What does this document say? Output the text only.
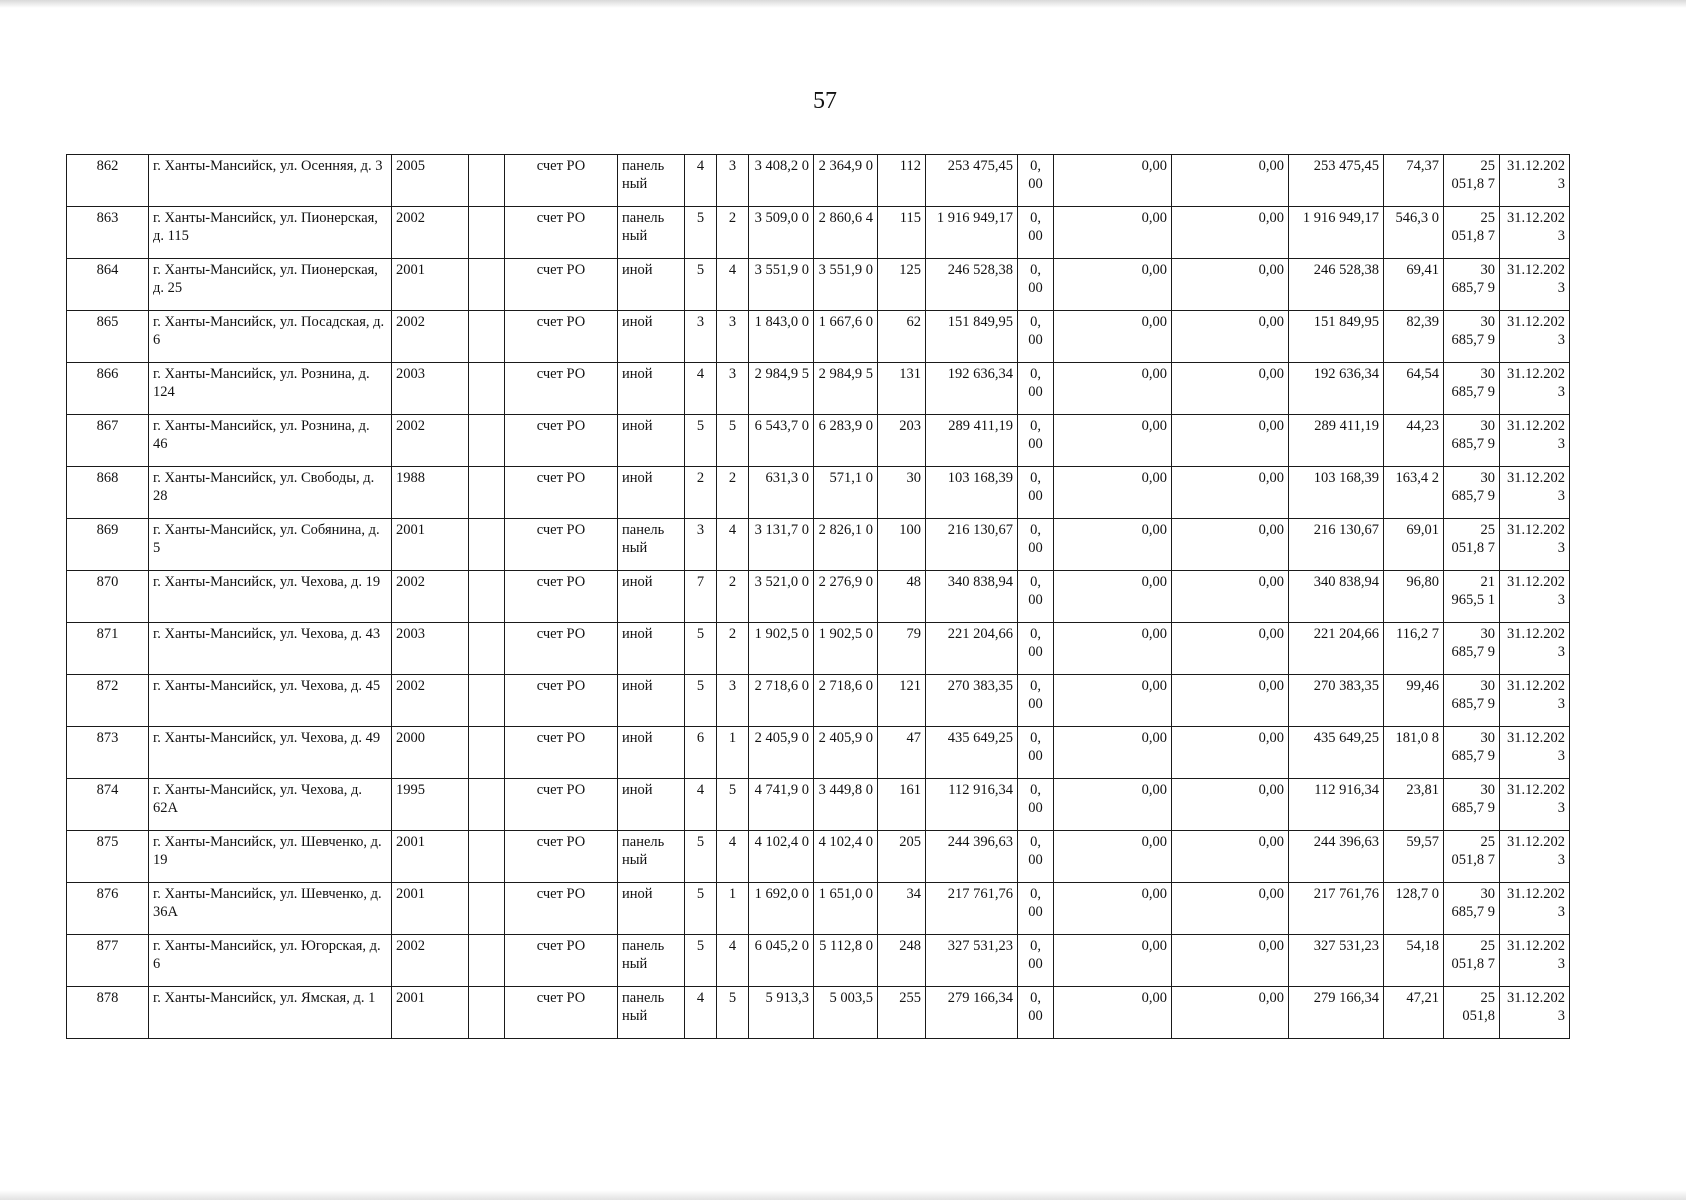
57
862	г. Ханты-Мансийск, ул. Осенняя, д. 3	2005		счет РО	панель ный	4	3	3 408,2 0	2 364,9 0	112	253 475,45	0, 00	0,00	0,00	253 475,45	74,37	25 051,8 7	31.12.202 3
863	г. Ханты-Мансийск, ул. Пионерская, д. 115	2002		счет РО	панель ный	5	2	3 509,0 0	2 860,6 4	115	1 916 949,17	0, 00	0,00	0,00	1 916 949,17	546,3 0	25 051,8 7	31.12.202 3
864	г. Ханты-Мансийск, ул. Пионерская, д. 25	2001		счет РО	иной	5	4	3 551,9 0	3 551,9 0	125	246 528,38	0, 00	0,00	0,00	246 528,38	69,41	30 685,7 9	31.12.202 3
865	г. Ханты-Мансийск, ул. Посадская, д. 6	2002		счет РО	иной	3	3	1 843,0 0	1 667,6 0	62	151 849,95	0, 00	0,00	0,00	151 849,95	82,39	30 685,7 9	31.12.202 3
866	г. Ханты-Мансийск, ул. Рознина, д. 124	2003		счет РО	иной	4	3	2 984,9 5	2 984,9 5	131	192 636,34	0, 00	0,00	0,00	192 636,34	64,54	30 685,7 9	31.12.202 3
867	г. Ханты-Мансийск, ул. Рознина, д. 46	2002		счет РО	иной	5	5	6 543,7 0	6 283,9 0	203	289 411,19	0, 00	0,00	0,00	289 411,19	44,23	30 685,7 9	31.12.202 3
868	г. Ханты-Мансийск, ул. Свободы, д. 28	1988		счет РО	иной	2	2	631,3 0	571,1 0	30	103 168,39	0, 00	0,00	0,00	103 168,39	163,4 2	30 685,7 9	31.12.202 3
869	г. Ханты-Мансийск, ул. Собянина, д. 5	2001		счет РО	панель ный	3	4	3 131,7 0	2 826,1 0	100	216 130,67	0, 00	0,00	0,00	216 130,67	69,01	25 051,8 7	31.12.202 3
870	г. Ханты-Мансийск, ул. Чехова, д. 19	2002		счет РО	иной	7	2	3 521,0 0	2 276,9 0	48	340 838,94	0, 00	0,00	0,00	340 838,94	96,80	21 965,5 1	31.12.202 3
871	г. Ханты-Мансийск, ул. Чехова, д. 43	2003		счет РО	иной	5	2	1 902,5 0	1 902,5 0	79	221 204,66	0, 00	0,00	0,00	221 204,66	116,2 7	30 685,7 9	31.12.202 3
872	г. Ханты-Мансийск, ул. Чехова, д. 45	2002		счет РО	иной	5	3	2 718,6 0	2 718,6 0	121	270 383,35	0, 00	0,00	0,00	270 383,35	99,46	30 685,7 9	31.12.202 3
873	г. Ханты-Мансийск, ул. Чехова, д. 49	2000		счет РО	иной	6	1	2 405,9 0	2 405,9 0	47	435 649,25	0, 00	0,00	0,00	435 649,25	181,0 8	30 685,7 9	31.12.202 3
874	г. Ханты-Мансийск, ул. Чехова, д. 62А	1995		счет РО	иной	4	5	4 741,9 0	3 449,8 0	161	112 916,34	0, 00	0,00	0,00	112 916,34	23,81	30 685,7 9	31.12.202 3
875	г. Ханты-Мансийск, ул. Шевченко, д. 19	2001		счет РО	панель ный	5	4	4 102,4 0	4 102,4 0	205	244 396,63	0, 00	0,00	0,00	244 396,63	59,57	25 051,8 7	31.12.202 3
876	г. Ханты-Мансийск, ул. Шевченко, д. 36А	2001		счет РО	иной	5	1	1 692,0 0	1 651,0 0	34	217 761,76	0, 00	0,00	0,00	217 761,76	128,7 0	30 685,7 9	31.12.202 3
877	г. Ханты-Мансийск, ул. Югорская, д. 6	2002		счет РО	панель ный	5	4	6 045,2 0	5 112,8 0	248	327 531,23	0, 00	0,00	0,00	327 531,23	54,18	25 051,8 7	31.12.202 3
878	г. Ханты-Мансийск, ул. Ямская, д. 1	2001		счет РО	панель ный	4	5	5 913,3	5 003,5	255	279 166,34	0, 00	0,00	0,00	279 166,34	47,21	25 051,8	31.12.202 3
